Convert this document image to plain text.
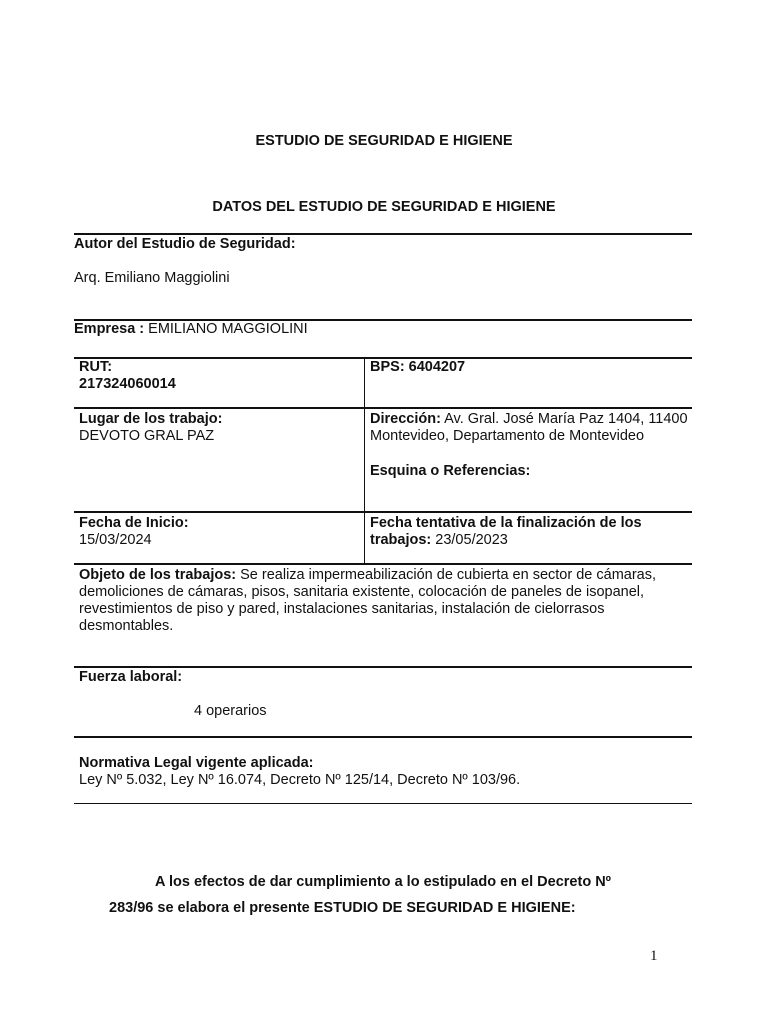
ESTUDIO DE SEGURIDAD E HIGIENE
DATOS DEL ESTUDIO DE SEGURIDAD E HIGIENE
Autor del Estudio de Seguridad:
Arq. Emiliano Maggiolini
Empresa : EMILIANO MAGGIOLINI
RUT:
217324060014
BPS: 6404207
Lugar de los trabajo:
DEVOTO GRAL PAZ
Dirección: Av. Gral. José María Paz 1404, 11400 Montevideo, Departamento de Montevideo
Esquina o Referencias:
Fecha de Inicio:
15/03/2024
Fecha tentativa de la finalización de los trabajos: 23/05/2023
Objeto de los trabajos: Se realiza impermeabilización de cubierta en sector de cámaras, demoliciones de cámaras, pisos, sanitaria existente, colocación de paneles de isopanel, revestimientos de piso y pared, instalaciones sanitarias, instalación de cielorrasos desmontables.
Fuerza laboral:
4 operarios
Normativa Legal vigente aplicada:
Ley Nº 5.032, Ley Nº 16.074, Decreto Nº 125/14, Decreto Nº 103/96.
A los efectos de dar cumplimiento a lo estipulado en el Decreto Nº
283/96 se elabora el presente ESTUDIO DE SEGURIDAD E HIGIENE:
1
